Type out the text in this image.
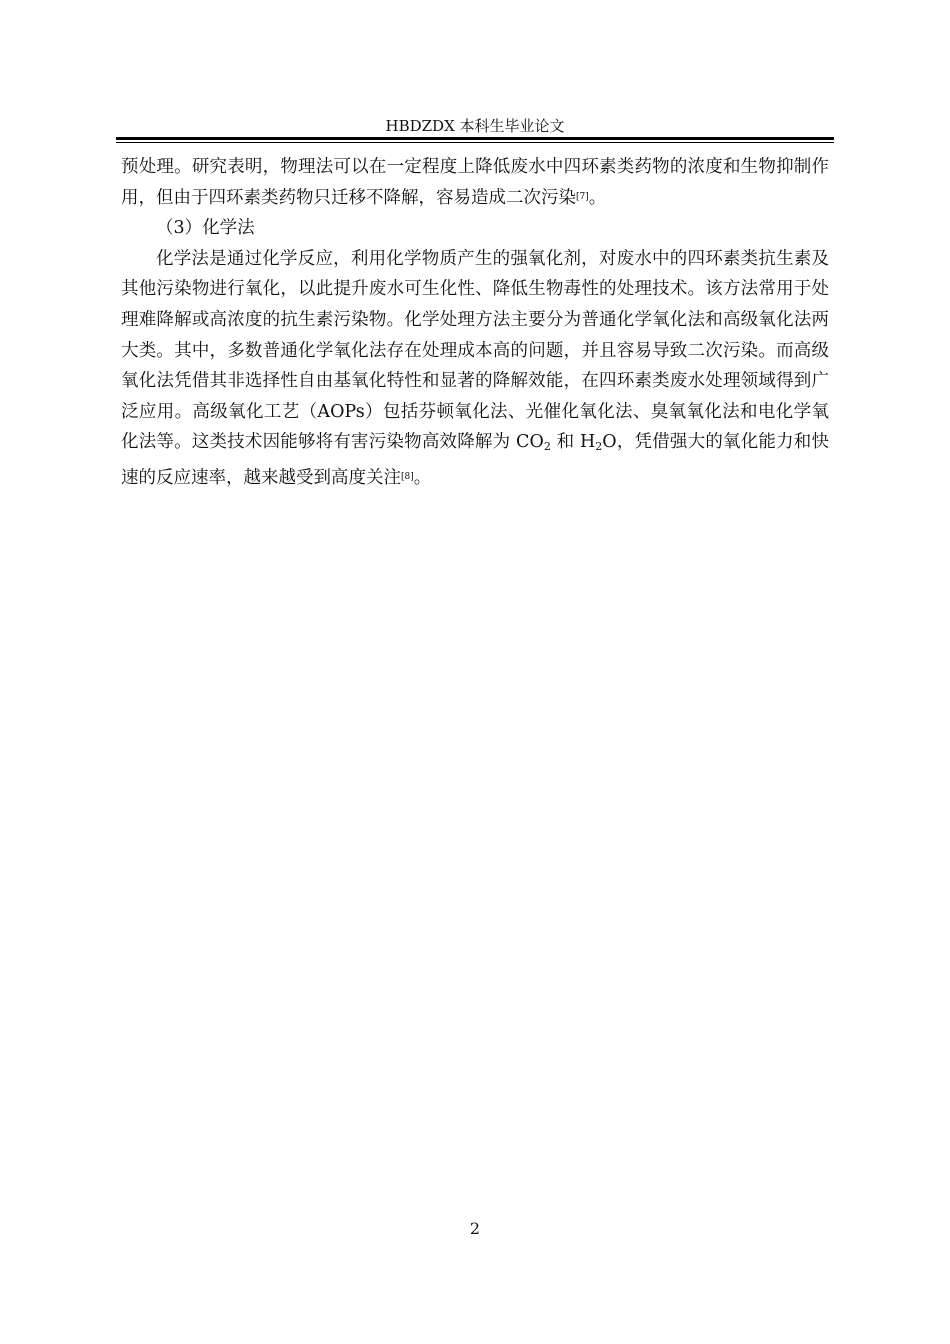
HBDZDX 本科生毕业论文

预处理。研究表明，物理法可以在一定程度上降低废水中四环素类药物的浓度和生物抑制作用，但由于四环素类药物只迁移不降解，容易造成二次污染[7]。

（3）化学法

化学法是通过化学反应，利用化学物质产生的强氧化剂，对废水中的四环素类抗生素及其他污染物进行氧化，以此提升废水可生化性、降低生物毒性的处理技术。该方法常用于处理难降解或高浓度的抗生素污染物。化学处理方法主要分为普通化学氧化法和高级氧化法两大类。其中，多数普通化学氧化法存在处理成本高的问题，并且容易导致二次污染。而高级氧化法凭借其非选择性自由基氧化特性和显著的降解效能，在四环素类废水处理领域得到广泛应用。高级氧化工艺（AOPs）包括芬顿氧化法、光催化氧化法、臭氧氧化法和电化学氧化法等。这类技术因能够将有害污染物高效降解为 $CO_2$ 和 $H_2O$，凭借强大的氧化能力和快速的反应速率，越来越受到高度关注[8]。

2
